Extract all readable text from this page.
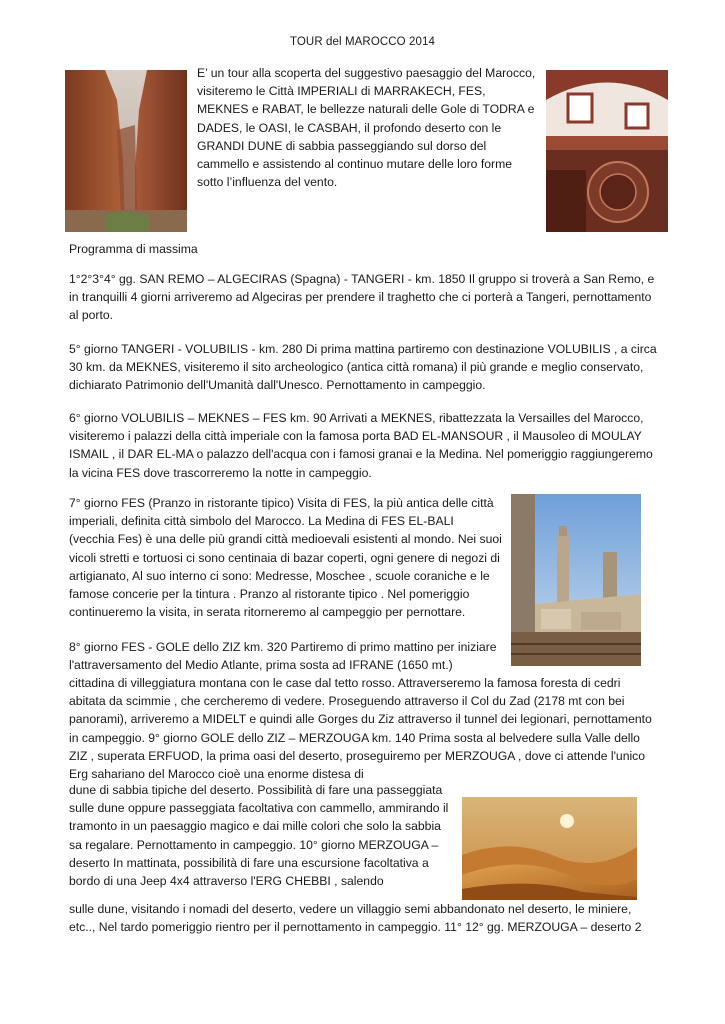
TOUR del MAROCCO 2014

E’ un tour alla scoperta del suggestivo paesaggio del Marocco, visiteremo le Città IMPERIALI di MARRAKECH, FES, MEKNES e RABAT, le bellezze naturali delle Gole di TODRA e DADES, le OASI, le CASBAH, il profondo deserto con le GRANDI DUNE di sabbia passeggiando sul dorso del cammello e assistendo al continuo mutare delle loro forme sotto l’influenza del vento.

Programma di massima

1°2°3°4° gg. SAN REMO – ALGECIRAS (Spagna) - TANGERI - km. 1850 Il gruppo si troverà a San Remo, e in tranquilli 4 giorni arriveremo ad Algeciras per prendere il traghetto che ci porterà a Tangeri, pernottamento al porto.

5° giorno TANGERI - VOLUBILIS - km. 280 Di prima mattina partiremo con destinazione VOLUBILIS , a circa 30 km. da MEKNES, visiteremo il sito archeologico (antica città romana) il più grande e meglio conservato, dichiarato Patrimonio dell'Umanità dall'Unesco. Pernottamento in campeggio.

6° giorno VOLUBILIS – MEKNES – FES km. 90 Arrivati a MEKNES, ribattezzata la Versailles del Marocco, visiteremo i palazzi della città imperiale con la famosa porta BAD EL-MANSOUR , il Mausoleo di MOULAY ISMAIL , il DAR EL-MA o palazzo dell'acqua con i famosi granai e la Medina. Nel pomeriggio raggiungeremo la vicina FES dove trascorreremo la notte in campeggio.

7° giorno FES (Pranzo in ristorante tipico) Visita di FES, la più antica delle città imperiali, definita città simbolo del Marocco. La Medina di FES EL-BALI (vecchia Fes) è una delle più grandi città medioevali esistenti al mondo. Nei suoi vicoli stretti e tortuosi ci sono centinaia di bazar coperti, ogni genere di negozi di artigianato, Al suo interno ci sono: Medresse, Moschee , scuole coraniche e le famose concerie per la tintura . Pranzo al ristorante tipico . Nel pomeriggio continueremo la visita, in serata ritorneremo al campeggio per pernottare.

8° giorno FES - GOLE dello ZIZ km. 320 Partiremo di primo mattino per iniziare l'attraversamento del Medio Atlante, prima sosta ad IFRANE (1650 mt.)

cittadina di villeggiatura montana con le case dal tetto rosso. Attraverseremo la famosa foresta di cedri abitata da scimmie , che cercheremo di vedere. Proseguendo attraverso il Col du Zad (2178 mt con bei panorami), arriveremo a MIDELT e quindi alle Gorges du Ziz attraverso il tunnel dei legionari, pernottamento in campeggio. 9° giorno GOLE dello ZIZ – MERZOUGA km. 140 Prima sosta al belvedere sulla Valle dello ZIZ , superata ERFUOD, la prima oasi del deserto, proseguiremo per MERZOUGA , dove ci attende l'unico Erg sahariano del Marocco cioè una enorme distesa di

dune di sabbia tipiche del deserto. Possibilità di fare una passeggiata sulle dune oppure passeggiata facoltativa con cammello, ammirando il tramonto in un paesaggio magico e dai mille colori che solo la sabbia sa regalare. Pernottamento in campeggio. 10° giorno MERZOUGA – deserto In mattinata, possibilità di fare una escursione facoltativa a bordo di una Jeep 4x4 attraverso l'ERG CHEBBI , salendo

sulle dune, visitando i nomadi del deserto, vedere un villaggio semi abbandonato nel deserto, le miniere, etc.., Nel tardo pomeriggio rientro per il pernottamento in campeggio. 11° 12° gg. MERZOUGA – deserto 2
